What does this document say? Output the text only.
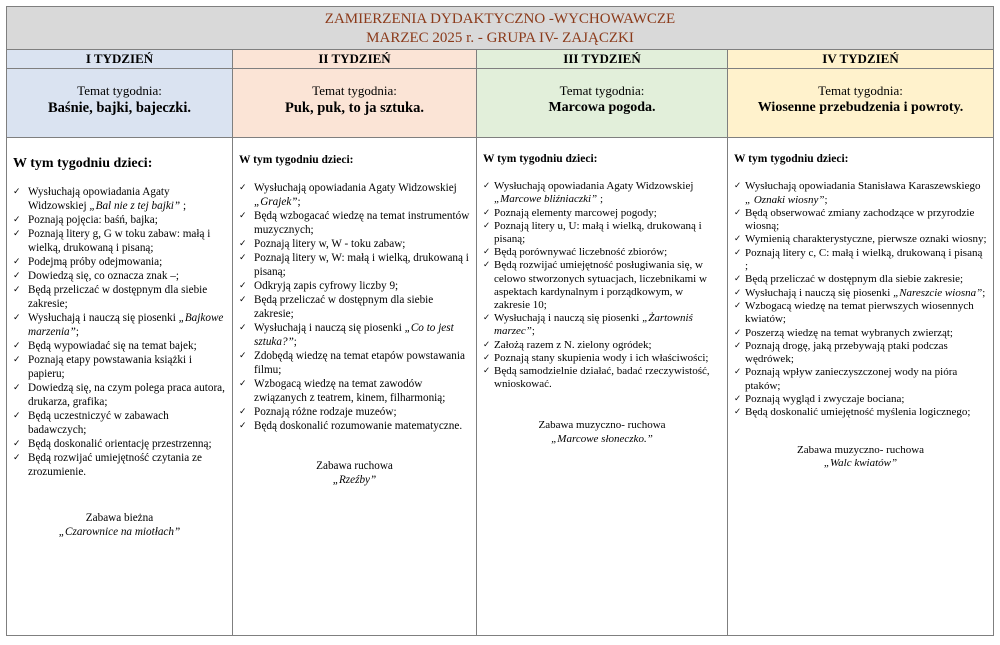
ZAMIERZENIA DYDAKTYCZNO -WYCHOWAWCZE
MARZEC 2025 r. - GRUPA IV- ZAJĄCZKI
I TYDZIEŃ
Temat tygodnia:
Baśnie, bajki, bajeczki.
W tym tygodniu dzieci:
✓ Wysłuchają opowiadania Agaty Widzowskiej „Bal nie z tej bajki” ;
✓ Poznają pojęcia: baśń, bajka;
✓ Poznają litery g, G w toku zabaw: małą i wielką, drukowaną i pisaną;
✓ Podejmą próby odejmowania;
✓ Dowiedzą się, co oznacza znak –;
✓ Będą przeliczać w dostępnym dla siebie zakresie;
✓ Wysłuchają i nauczą się piosenki „Bajkowe marzenia”;
✓ Będą wypowiadać się na temat bajek;
✓ Poznają etapy powstawania książki i papieru;
✓ Dowiedzą się, na czym polega praca autora, drukarza, grafika;
✓ Będą uczestniczyć w zabawach badawczych;
✓ Będą doskonalić orientację przestrzenną;
✓ Będą rozwijać umiejętność czytania ze zrozumienie.
Zabawa bieżna
„Czarownice na miotłach”
II TYDZIEŃ
Temat tygodnia:
Puk, puk, to ja sztuka.
W tym tygodniu dzieci:
✓ Wysłuchają opowiadania Agaty Widzowskiej „Grajek”;
✓ Będą wzbogacać wiedzę na temat instrumentów muzycznych;
✓ Poznają litery w, W - toku zabaw;
✓ Poznają litery w, W: małą i wielką, drukowaną i pisaną;
✓ Odkryją zapis cyfrowy liczby 9;
✓ Będą przeliczać w dostępnym dla siebie zakresie;
✓ Wysłuchają i nauczą się piosenki „Co to jest sztuka?”;
✓ Zdobędą wiedzę na temat etapów powstawania filmu;
✓ Wzbogacą wiedzę na temat zawodów związanych z teatrem, kinem, filharmonią;
✓ Poznają różne rodzaje muzeów;
✓ Będą doskonalić rozumowanie matematyczne.
Zabawa ruchowa
„Rzeźby”
III TYDZIEŃ
Temat tygodnia:
Marcowa pogoda.
W tym tygodniu dzieci:
✓ Wysłuchają opowiadania Agaty Widzowskiej „Marcowe bliźniaczki” ;
✓ Poznają elementy marcowej pogody;
✓ Poznają litery u, U: małą i wielką, drukowaną i pisaną;
✓ Będą porównywać liczebność zbiorów;
✓ Będą rozwijać umiejętność posługiwania się, w celowo stworzonych sytuacjach, liczebnikami w aspektach kardynalnym i porządkowym, w zakresie 10;
✓ Wysłuchają i nauczą się piosenki „Żartowniś marzec”;
✓ Założą razem z N. zielony ogródek;
✓ Poznają stany skupienia wody i ich właściwości;
✓ Będą samodzielnie działać, badać rzeczywistość, wnioskować.
Zabawa muzyczno- ruchowa
„Marcowe słoneczko.”
IV TYDZIEŃ
Temat tygodnia:
Wiosenne przebudzenia i powroty.
W tym tygodniu dzieci:
✓ Wysłuchają opowiadania Stanisława Karaszewskiego „ Oznaki wiosny”;
✓ Będą obserwować zmiany zachodzące w przyrodzie wiosną;
✓ Wymienią charakterystyczne, pierwsze oznaki wiosny;
✓ Poznają litery c, C: małą i wielką, drukowaną i pisaną ;
✓ Będą przeliczać w dostępnym dla siebie zakresie;
✓ Wysłuchają i nauczą się piosenki „Nareszcie wiosna”;
✓ Wzbogacą wiedzę na temat pierwszych wiosennych kwiatów;
✓ Poszerzą wiedzę na temat wybranych zwierząt;
✓ Poznają drogę, jaką przebywają ptaki podczas wędrówek;
✓ Poznają wpływ zanieczyszczonej wody na pióra ptaków;
✓ Poznają wygląd i zwyczaje bociana;
✓ Będą doskonalić umiejętność myślenia logicznego;
Zabawa muzyczno- ruchowa
„Walc kwiatów”
